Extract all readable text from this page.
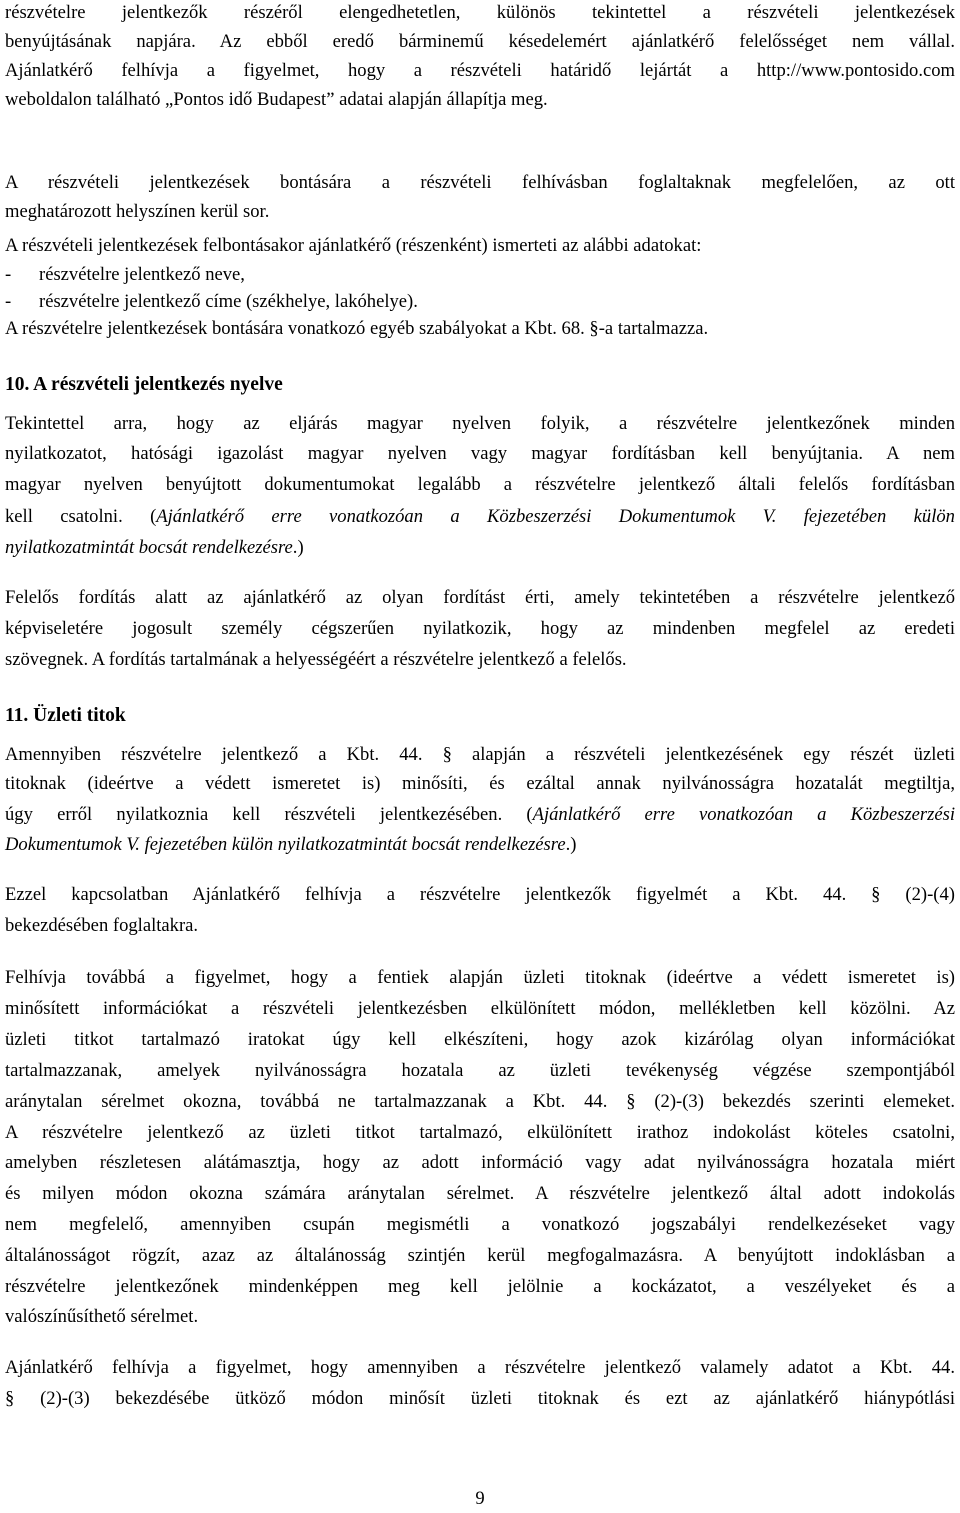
részvételre jelentkezők részéről elengedhetetlen, különös tekintettel a részvételi jelentkezések
benyújtásának napjára. Az ebből eredő bárminemű késedelemért ajánlatkérő felelősséget nem vállal.
Ajánlatkérő felhívja a figyelmet, hogy a részvételi határidő lejártát a http://www.pontosido.com
weboldalon található „Pontos idő Budapest” adatai alapján állapítja meg.
A részvételi jelentkezések bontására a részvételi felhívásban foglaltaknak megfelelően, az ott
meghatározott helyszínen kerül sor.
A részvételi jelentkezések felbontásakor ajánlatkérő (részenként) ismerteti az alábbi adatokat:
- részvételre jelentkező neve,
- részvételre jelentkező címe (székhelye, lakóhelye).
A részvételre jelentkezések bontására vonatkozó egyéb szabályokat a Kbt. 68. §-a tartalmazza.
10. A részvételi jelentkezés nyelve
Tekintettel arra, hogy az eljárás magyar nyelven folyik, a részvételre jelentkezőnek minden
nyilatkozatot, hatósági igazolást magyar nyelven vagy magyar fordításban kell benyújtania. A nem
magyar nyelven benyújtott dokumentumokat legalább a részvételre jelentkező általi felelős fordításban
kell csatolni. (Ajánlatkérő erre vonatkozóan a Közbeszerzési Dokumentumok V. fejezetében külön
nyilatkozatmintát bocsát rendelkezésre.)
Felelős fordítás alatt az ajánlatkérő az olyan fordítást érti, amely tekintetében a részvételre jelentkező
képviseletére jogosult személy cégszerűen nyilatkozik, hogy az mindenben megfelel az eredeti
szövegnek. A fordítás tartalmának a helyességéért a részvételre jelentkező a felelős.
11. Üzleti titok
Amennyiben részvételre jelentkező a Kbt. 44. § alapján a részvételi jelentkezésének egy részét üzleti
titoknak (ideértve a védett ismeretet is) minősíti, és ezáltal annak nyilvánosságra hozatalát megtiltja,
úgy erről nyilatkoznia kell részvételi jelentkezésében. (Ajánlatkérő erre vonatkozóan a Közbeszerzési
Dokumentumok V. fejezetében külön nyilatkozatmintát bocsát rendelkezésre.)
Ezzel kapcsolatban Ajánlatkérő felhívja a részvételre jelentkezők figyelmét a Kbt. 44. § (2)-(4)
bekezdésében foglaltakra.
Felhívja továbbá a figyelmet, hogy a fentiek alapján üzleti titoknak (ideértve a védett ismeretet is)
minősített információkat a részvételi jelentkezésben elkülönített módon, mellékletben kell közölni. Az
üzleti titkot tartalmazó iratokat úgy kell elkészíteni, hogy azok kizárólag olyan információkat
tartalmazzanak, amelyek nyilvánosságra hozatala az üzleti tevékenység végzése szempontjából
aránytalan sérelmet okozna, továbbá ne tartalmazzanak a Kbt. 44. § (2)-(3) bekezdés szerinti elemeket.
A részvételre jelentkező az üzleti titkot tartalmazó, elkülönített irathoz indokolást köteles csatolni,
amelyben részletesen alátámasztja, hogy az adott információ vagy adat nyilvánosságra hozatala miért
és milyen módon okozna számára aránytalan sérelmet. A részvételre jelentkező által adott indokolás
nem megfelelő, amennyiben csupán megismétli a vonatkozó jogszabályi rendelkezéseket vagy
általánosságot rögzít, azaz az általánosság szintjén kerül megfogalmazásra. A benyújtott indoklásban a
részvételre jelentkezőnek mindenképpen meg kell jelölnie a kockázatot, a veszélyeket és a
valószínűsíthető sérelmet.
Ajánlatkérő felhívja a figyelmet, hogy amennyiben a részvételre jelentkező valamely adatot a Kbt. 44.
§ (2)-(3) bekezdésébe ütköző módon minősít üzleti titoknak és ezt az ajánlatkérő hiánypótlási
9
